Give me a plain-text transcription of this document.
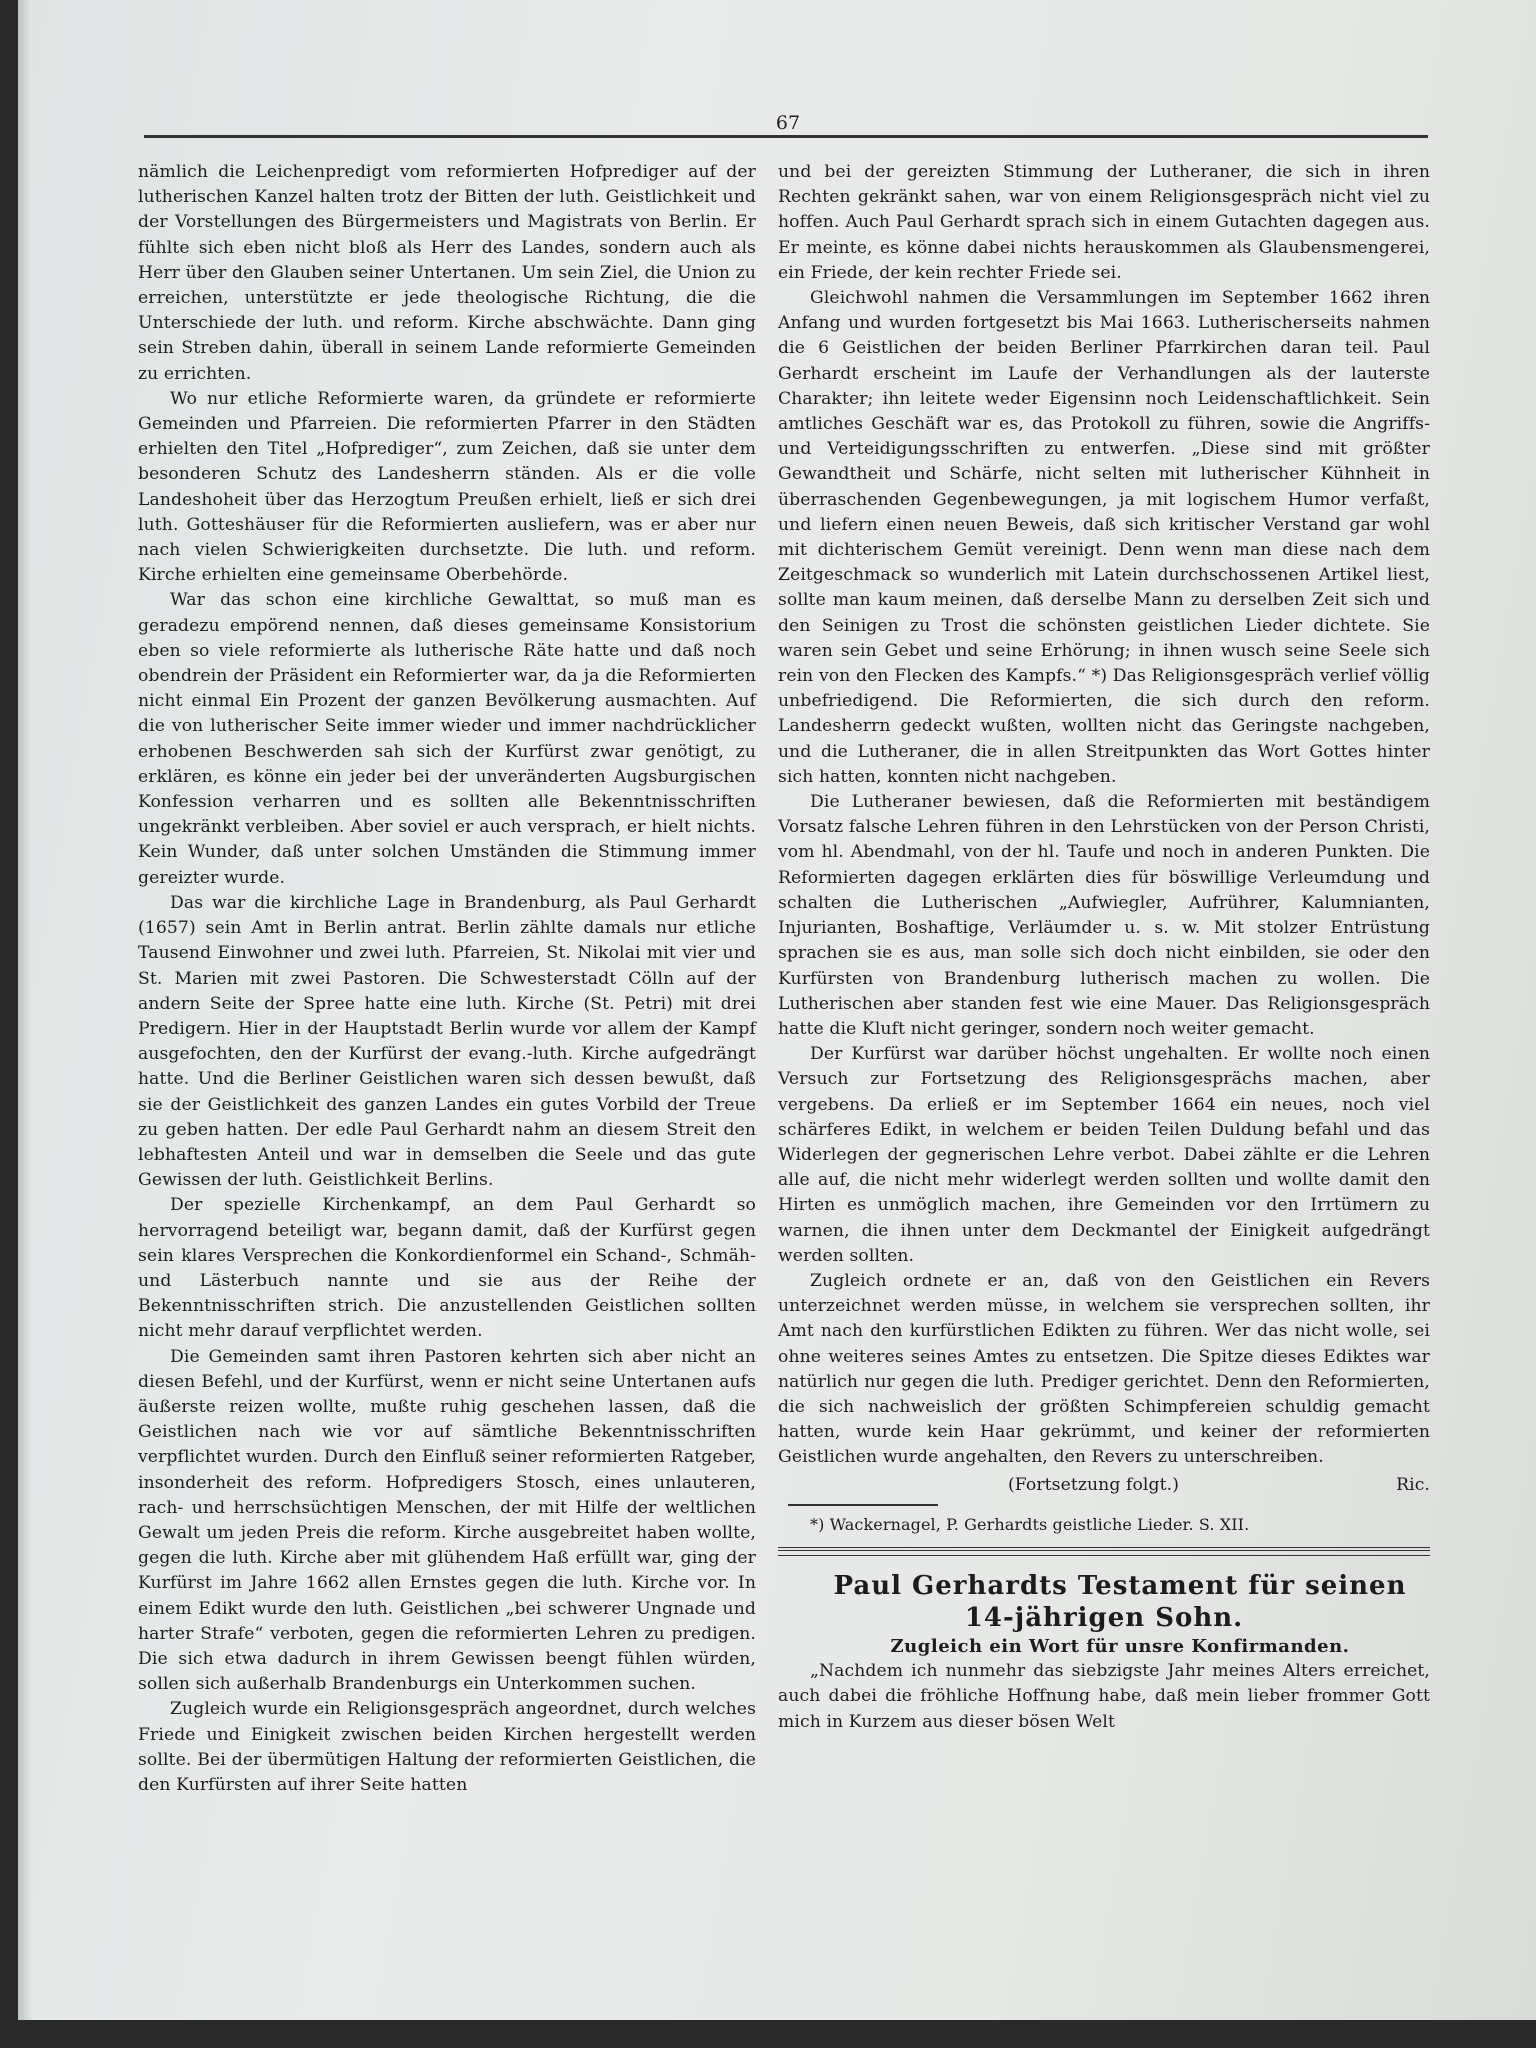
67

nämlich die Leichenpredigt vom reformierten Hofprediger auf der lutherischen Kanzel halten trotz der Bitten der luth. Geistlichkeit und der Vorstellungen des Bürgermeisters und Magistrats von Berlin. Er fühlte sich eben nicht bloß als Herr des Landes, sondern auch als Herr über den Glauben seiner Untertanen. Um sein Ziel, die Union zu erreichen, unterstützte er jede theologische Richtung, die die Unterschiede der luth. und reform. Kirche abschwächte. Dann ging sein Streben dahin, überall in seinem Lande reformierte Gemeinden zu errichten.

Wo nur etliche Reformierte waren, da gründete er reformierte Gemeinden und Pfarreien. Die reformierten Pfarrer in den Städten erhielten den Titel „Hofprediger“, zum Zeichen, daß sie unter dem besonderen Schutz des Landesherrn ständen. Als er die volle Landeshoheit über das Herzogtum Preußen erhielt, ließ er sich drei luth. Gotteshäuser für die Reformierten ausliefern, was er aber nur nach vielen Schwierigkeiten durchsetzte. Die luth. und reform. Kirche erhielten eine gemeinsame Oberbehörde.

War das schon eine kirchliche Gewalttat, so muß man es geradezu empörend nennen, daß dieses gemeinsame Konsistorium eben so viele reformierte als lutherische Räte hatte und daß noch obendrein der Präsident ein Reformierter war, da ja die Reformierten nicht einmal Ein Prozent der ganzen Bevölkerung ausmachten. Auf die von lutherischer Seite immer wieder und immer nachdrücklicher erhobenen Beschwerden sah sich der Kurfürst zwar genötigt, zu erklären, es könne ein jeder bei der unveränderten Augsburgischen Konfession verharren und es sollten alle Bekenntnisschriften ungekränkt verbleiben. Aber soviel er auch versprach, er hielt nichts. Kein Wunder, daß unter solchen Umständen die Stimmung immer gereizter wurde.

Das war die kirchliche Lage in Brandenburg, als Paul Gerhardt (1657) sein Amt in Berlin antrat. Berlin zählte damals nur etliche Tausend Einwohner und zwei luth. Pfarreien, St. Nikolai mit vier und St. Marien mit zwei Pastoren. Die Schwesterstadt Cölln auf der andern Seite der Spree hatte eine luth. Kirche (St. Petri) mit drei Predigern. Hier in der Hauptstadt Berlin wurde vor allem der Kampf ausgefochten, den der Kurfürst der evang.-luth. Kirche aufgedrängt hatte. Und die Berliner Geistlichen waren sich dessen bewußt, daß sie der Geistlichkeit des ganzen Landes ein gutes Vorbild der Treue zu geben hatten. Der edle Paul Gerhardt nahm an diesem Streit den lebhaftesten Anteil und war in demselben die Seele und das gute Gewissen der luth. Geistlichkeit Berlins.

Der spezielle Kirchenkampf, an dem Paul Gerhardt so hervorragend beteiligt war, begann damit, daß der Kurfürst gegen sein klares Versprechen die Konkordienformel ein Schand-, Schmäh- und Lästerbuch nannte und sie aus der Reihe der Bekenntnisschriften strich. Die anzustellenden Geistlichen sollten nicht mehr darauf verpflichtet werden.

Die Gemeinden samt ihren Pastoren kehrten sich aber nicht an diesen Befehl, und der Kurfürst, wenn er nicht seine Untertanen aufs äußerste reizen wollte, mußte ruhig geschehen lassen, daß die Geistlichen nach wie vor auf sämtliche Bekenntnisschriften verpflichtet wurden. Durch den Einfluß seiner reformierten Ratgeber, insonderheit des reform. Hofpredigers Stosch, eines unlauteren, rach- und herrschsüchtigen Menschen, der mit Hilfe der weltlichen Gewalt um jeden Preis die reform. Kirche ausgebreitet haben wollte, gegen die luth. Kirche aber mit glühendem Haß erfüllt war, ging der Kurfürst im Jahre 1662 allen Ernstes gegen die luth. Kirche vor. In einem Edikt wurde den luth. Geistlichen „bei schwerer Ungnade und harter Strafe“ verboten, gegen die reformierten Lehren zu predigen. Die sich etwa dadurch in ihrem Gewissen beengt fühlen würden, sollen sich außerhalb Brandenburgs ein Unterkommen suchen.

Zugleich wurde ein Religionsgespräch angeordnet, durch welches Friede und Einigkeit zwischen beiden Kirchen hergestellt werden sollte. Bei der übermütigen Haltung der reformierten Geistlichen, die den Kurfürsten auf ihrer Seite hatten

und bei der gereizten Stimmung der Lutheraner, die sich in ihren Rechten gekränkt sahen, war von einem Religionsgespräch nicht viel zu hoffen. Auch Paul Gerhardt sprach sich in einem Gutachten dagegen aus. Er meinte, es könne dabei nichts herauskommen als Glaubensmengerei, ein Friede, der kein rechter Friede sei.

Gleichwohl nahmen die Versammlungen im September 1662 ihren Anfang und wurden fortgesetzt bis Mai 1663. Lutherischerseits nahmen die 6 Geistlichen der beiden Berliner Pfarrkirchen daran teil. Paul Gerhardt erscheint im Laufe der Verhandlungen als der lauterste Charakter; ihn leitete weder Eigensinn noch Leidenschaftlichkeit. Sein amtliches Geschäft war es, das Protokoll zu führen, sowie die Angriffs- und Verteidigungsschriften zu entwerfen. „Diese sind mit größter Gewandtheit und Schärfe, nicht selten mit lutherischer Kühnheit in überraschenden Gegenbewegungen, ja mit logischem Humor verfaßt, und liefern einen neuen Beweis, daß sich kritischer Verstand gar wohl mit dichterischem Gemüt vereinigt. Denn wenn man diese nach dem Zeitgeschmack so wunderlich mit Latein durchschossenen Artikel liest, sollte man kaum meinen, daß derselbe Mann zu derselben Zeit sich und den Seinigen zu Trost die schönsten geistlichen Lieder dichtete. Sie waren sein Gebet und seine Erhörung; in ihnen wusch seine Seele sich rein von den Flecken des Kampfs.“ *) Das Religionsgespräch verlief völlig unbefriedigend. Die Reformierten, die sich durch den reform. Landesherrn gedeckt wußten, wollten nicht das Geringste nachgeben, und die Lutheraner, die in allen Streitpunkten das Wort Gottes hinter sich hatten, konnten nicht nachgeben.

Die Lutheraner bewiesen, daß die Reformierten mit beständigem Vorsatz falsche Lehren führen in den Lehrstücken von der Person Christi, vom hl. Abendmahl, von der hl. Taufe und noch in anderen Punkten. Die Reformierten dagegen erklärten dies für böswillige Verleumdung und schalten die Lutherischen „Aufwiegler, Aufrührer, Kalumnianten, Injurianten, Boshaftige, Verläumder u. s. w. Mit stolzer Entrüstung sprachen sie es aus, man solle sich doch nicht einbilden, sie oder den Kurfürsten von Brandenburg lutherisch machen zu wollen. Die Lutherischen aber standen fest wie eine Mauer. Das Religionsgespräch hatte die Kluft nicht geringer, sondern noch weiter gemacht.

Der Kurfürst war darüber höchst ungehalten. Er wollte noch einen Versuch zur Fortsetzung des Religionsgesprächs machen, aber vergebens. Da erließ er im September 1664 ein neues, noch viel schärferes Edikt, in welchem er beiden Teilen Duldung befahl und das Widerlegen der gegnerischen Lehre verbot. Dabei zählte er die Lehren alle auf, die nicht mehr widerlegt werden sollten und wollte damit den Hirten es unmöglich machen, ihre Gemeinden vor den Irrtümern zu warnen, die ihnen unter dem Deckmantel der Einigkeit aufgedrängt werden sollten.

Zugleich ordnete er an, daß von den Geistlichen ein Revers unterzeichnet werden müsse, in welchem sie versprechen sollten, ihr Amt nach den kurfürstlichen Edikten zu führen. Wer das nicht wolle, sei ohne weiteres seines Amtes zu entsetzen. Die Spitze dieses Ediktes war natürlich nur gegen die luth. Prediger gerichtet. Denn den Reformierten, die sich nachweislich der größten Schimpfereien schuldig gemacht hatten, wurde kein Haar gekrümmt, und keiner der reformierten Geistlichen wurde angehalten, den Revers zu unterschreiben.

(Fortsetzung folgt.)	Ric.

*) Wackernagel, P. Gerhardts geistliche Lieder. S. XII.

Paul Gerhardts Testament für seinen
14-jährigen Sohn.

Zugleich ein Wort für unsre Konfirmanden.

„Nachdem ich nunmehr das siebzigste Jahr meines Alters erreichet, auch dabei die fröhliche Hoffnung habe, daß mein lieber frommer Gott mich in Kurzem aus dieser bösen Welt
